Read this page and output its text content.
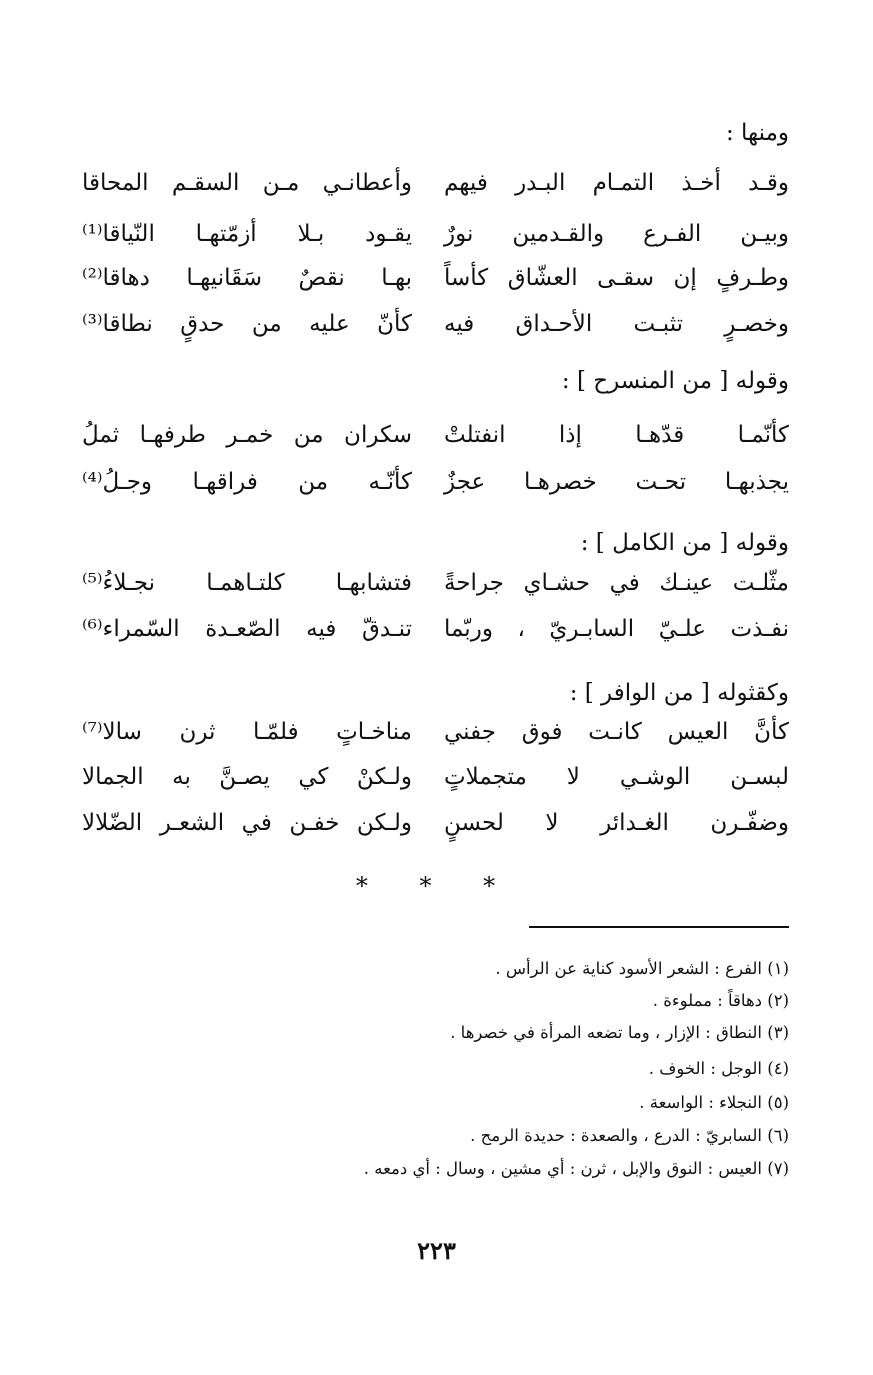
ومنها :
وقـد أخـذ التمـام البـدر فيهم
وأعطانـي مـن السقـم المحاقا
وبيـن الفـرع والقـدمين نورٌ
يقـود بـلا أزمّتهـا النّياقا⁽¹⁾
وطـرفٍ إن سقـى العشّاق كأساً
بهـا نقصٌ سَقَانيهـا دهاقا⁽²⁾
وخصـرٍ تثبـت الأحـداق فيه
كأنّ عليه من حدقٍ نطاقا⁽³⁾
وقوله [ من المنسرح ] :
كأنّمـا قدّهـا إذا انفتلتْ
سكران من خمـر طرفهـا ثملُ
يجذبهـا تحـت خصرهـا عجزٌ
كأنّـه من فراقهـا وجـلُ⁽⁴⁾
وقوله [ من الكامل ] :
مثّلـت عينـك في حشـاي جراحةً
فتشابهـا كلتـاهمـا نجـلاءُ⁽⁵⁾
نفـذت علـيّ السابـريّ ، وربّما
تنـدقّ فيه الصّعـدة السّمراء⁽⁶⁾
وكقثوله [ من الوافر ] :
كأنَّ العيس كانـت فوق جفني
مناخـاتٍ فلمّـا ثرن سالا⁽⁷⁾
لبسـن الوشـي لا متجملاتٍ
ولـكنْ كي يصـنَّ به الجمالا
وضفّـرن الغـدائر لا لحسنٍ
ولـكن خفـن في الشعـر الضّلالا
* * *
(١) الفرع : الشعر الأسود كناية عن الرأس .
(٢) دهاقاً : مملوءة .
(٣) النطاق : الإزار ، وما تضعه المرأة في خصرها .
(٤) الوجل : الخوف .
(٥) النجلاء : الواسعة .
(٦) السابريّ : الدرع ، والصعدة : حديدة الرمح .
(٧) العيس : النوق والإبل ، ثرن : أي مشين ، وسال : أي دمعه .
٢٢٣
